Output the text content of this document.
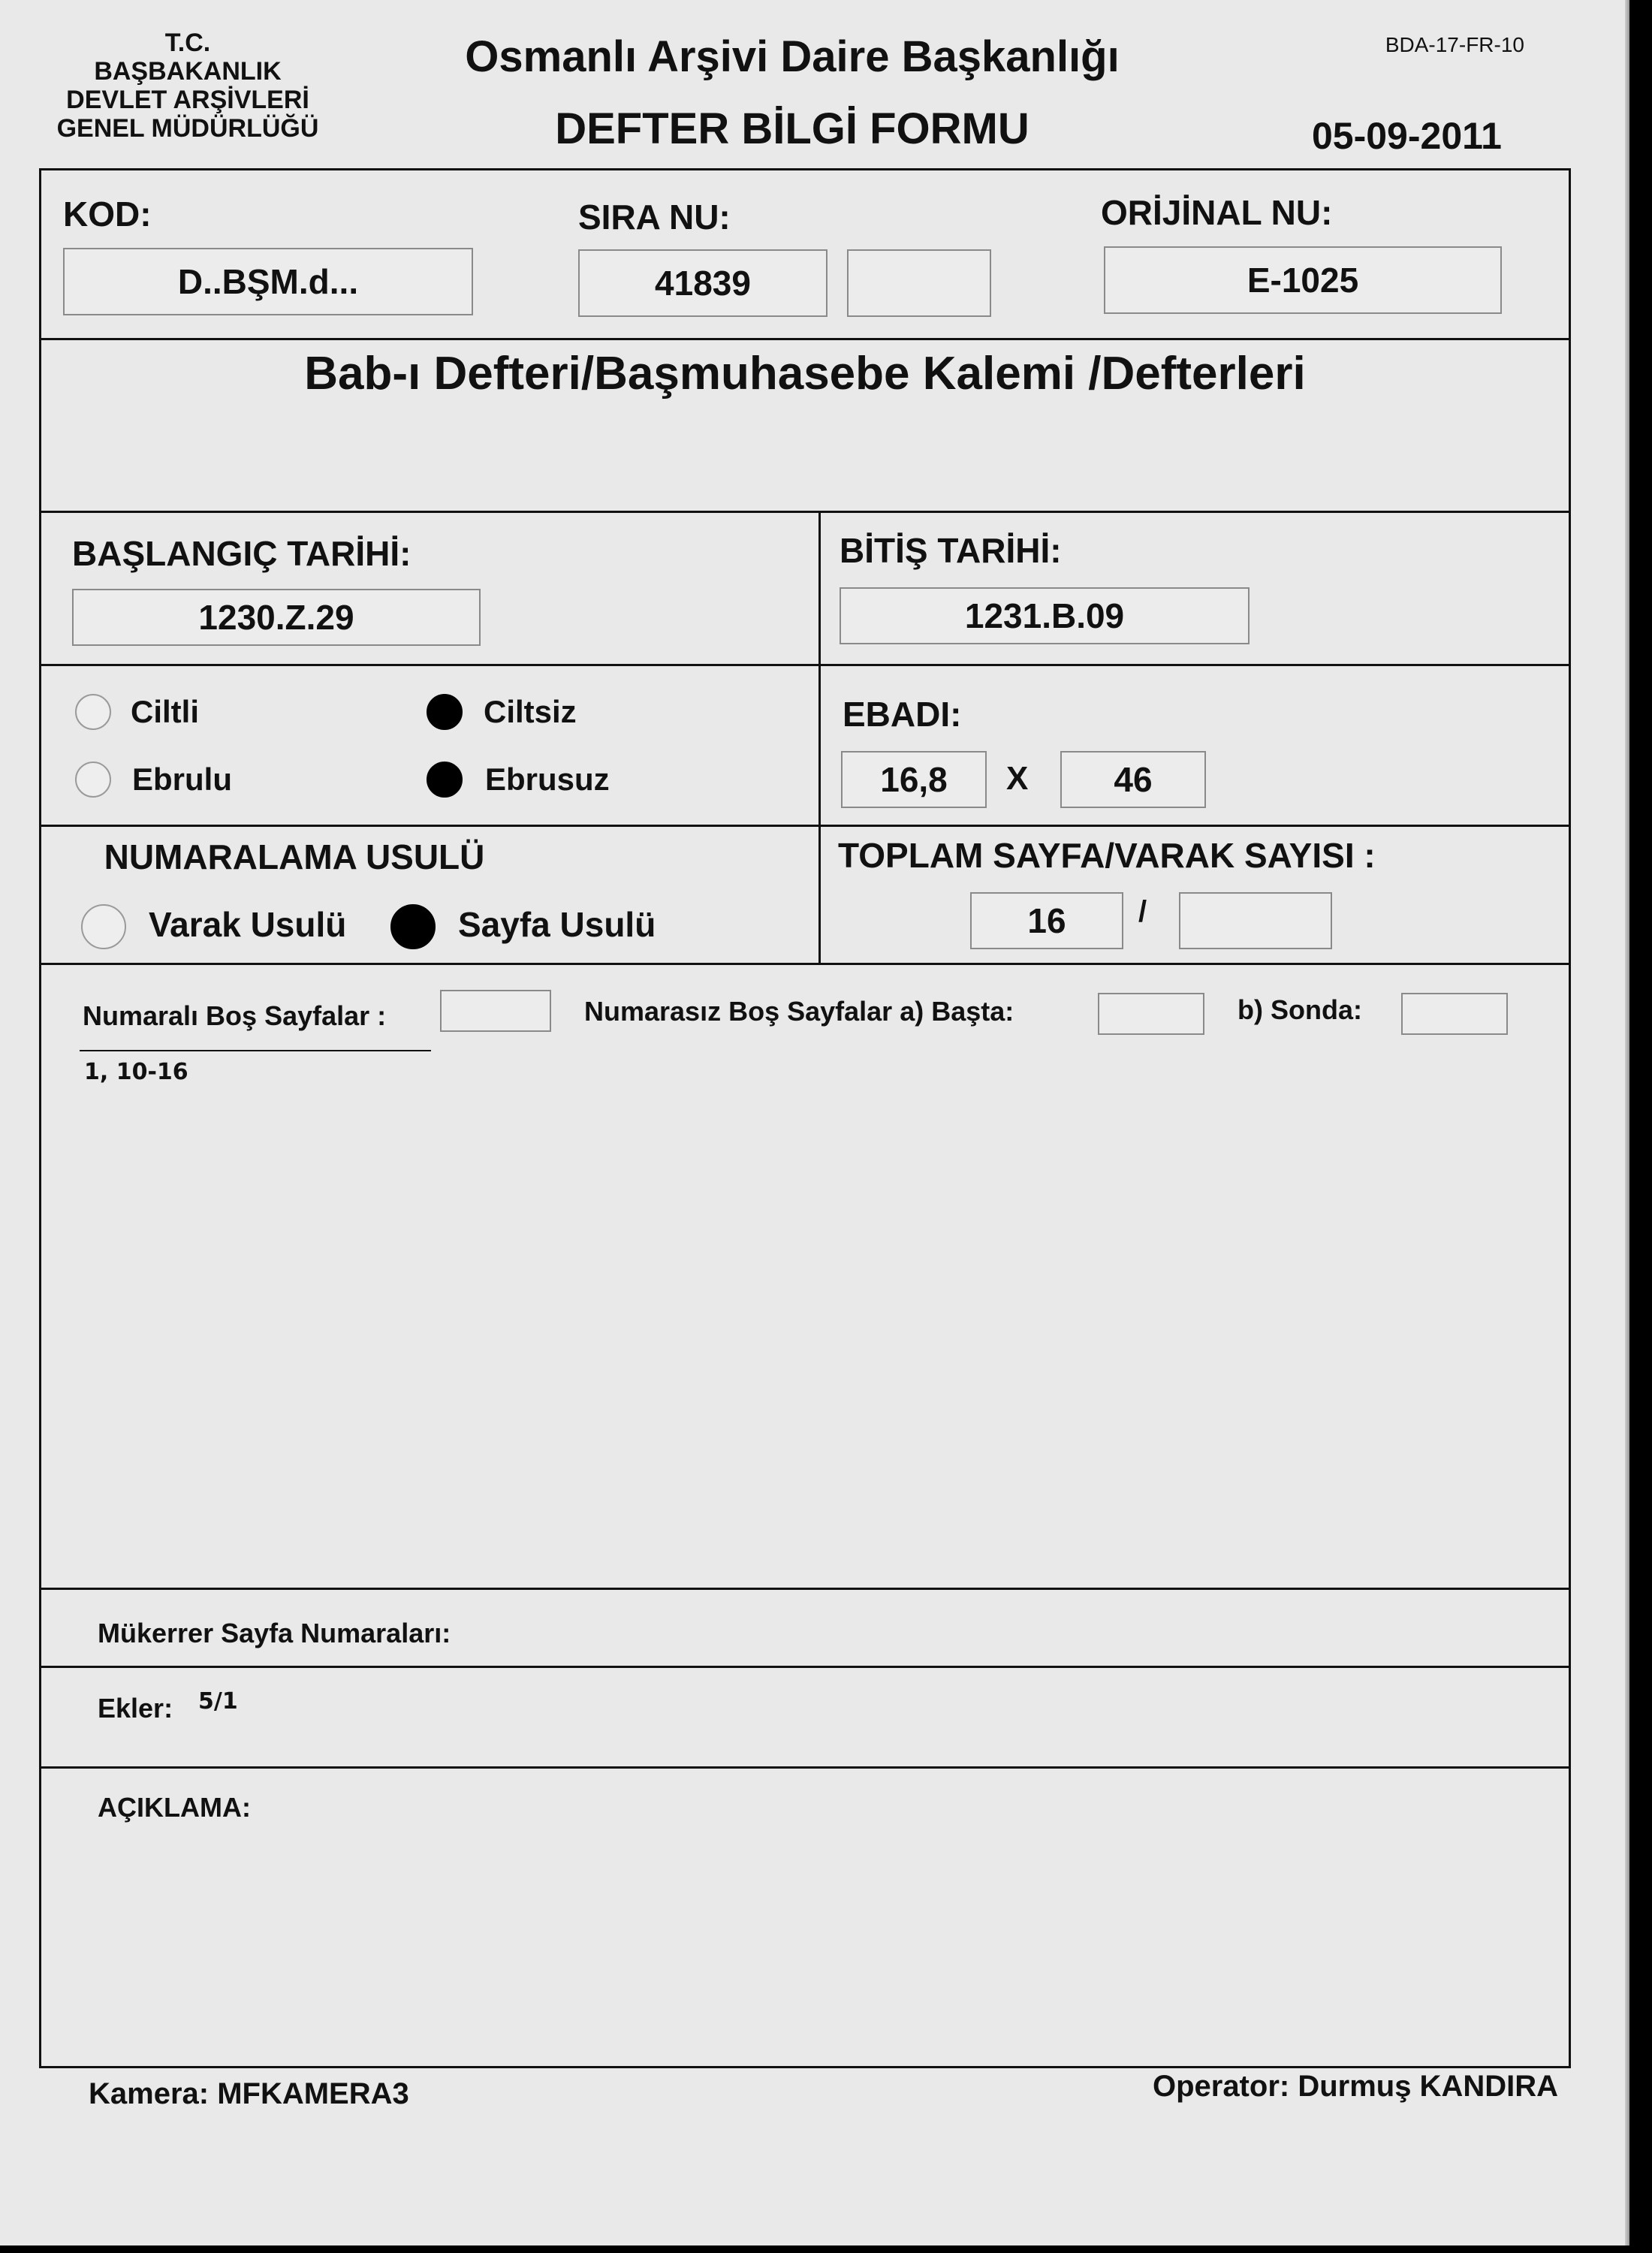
T.C.
BAŞBAKANLIK
DEVLET ARŞİVLERİ
GENEL MÜDÜRLÜĞÜ
Osmanlı Arşivi Daire Başkanlığı
DEFTER BİLGİ FORMU
BDA-17-FR-10
05-09-2011
KOD:
D..BŞM.d...
SIRA NU:
41839
ORİJİNAL NU:
E-1025
Bab-ı Defteri/Başmuhasebe Kalemi /Defterleri
BAŞLANGIÇ TARİHİ:
1230.Z.29
BİTİŞ TARİHİ:
1231.B.09
Ciltli	Ciltsiz
Ebrulu	Ebrusuz
EBADI:
16,8	X	46
NUMARALAMA USULÜ
Varak Usulü	Sayfa Usulü
TOPLAM SAYFA/VARAK SAYISI :
16	/
Numaralı Boş Sayfalar :	Numarasız Boş Sayfalar a) Başta:	b) Sonda:
1, 10-16
Mükerrer Sayfa Numaraları:
Ekler: 5/1
AÇIKLAMA:
Kamera: MFKAMERA3	Operator: Durmuş KANDIRA
